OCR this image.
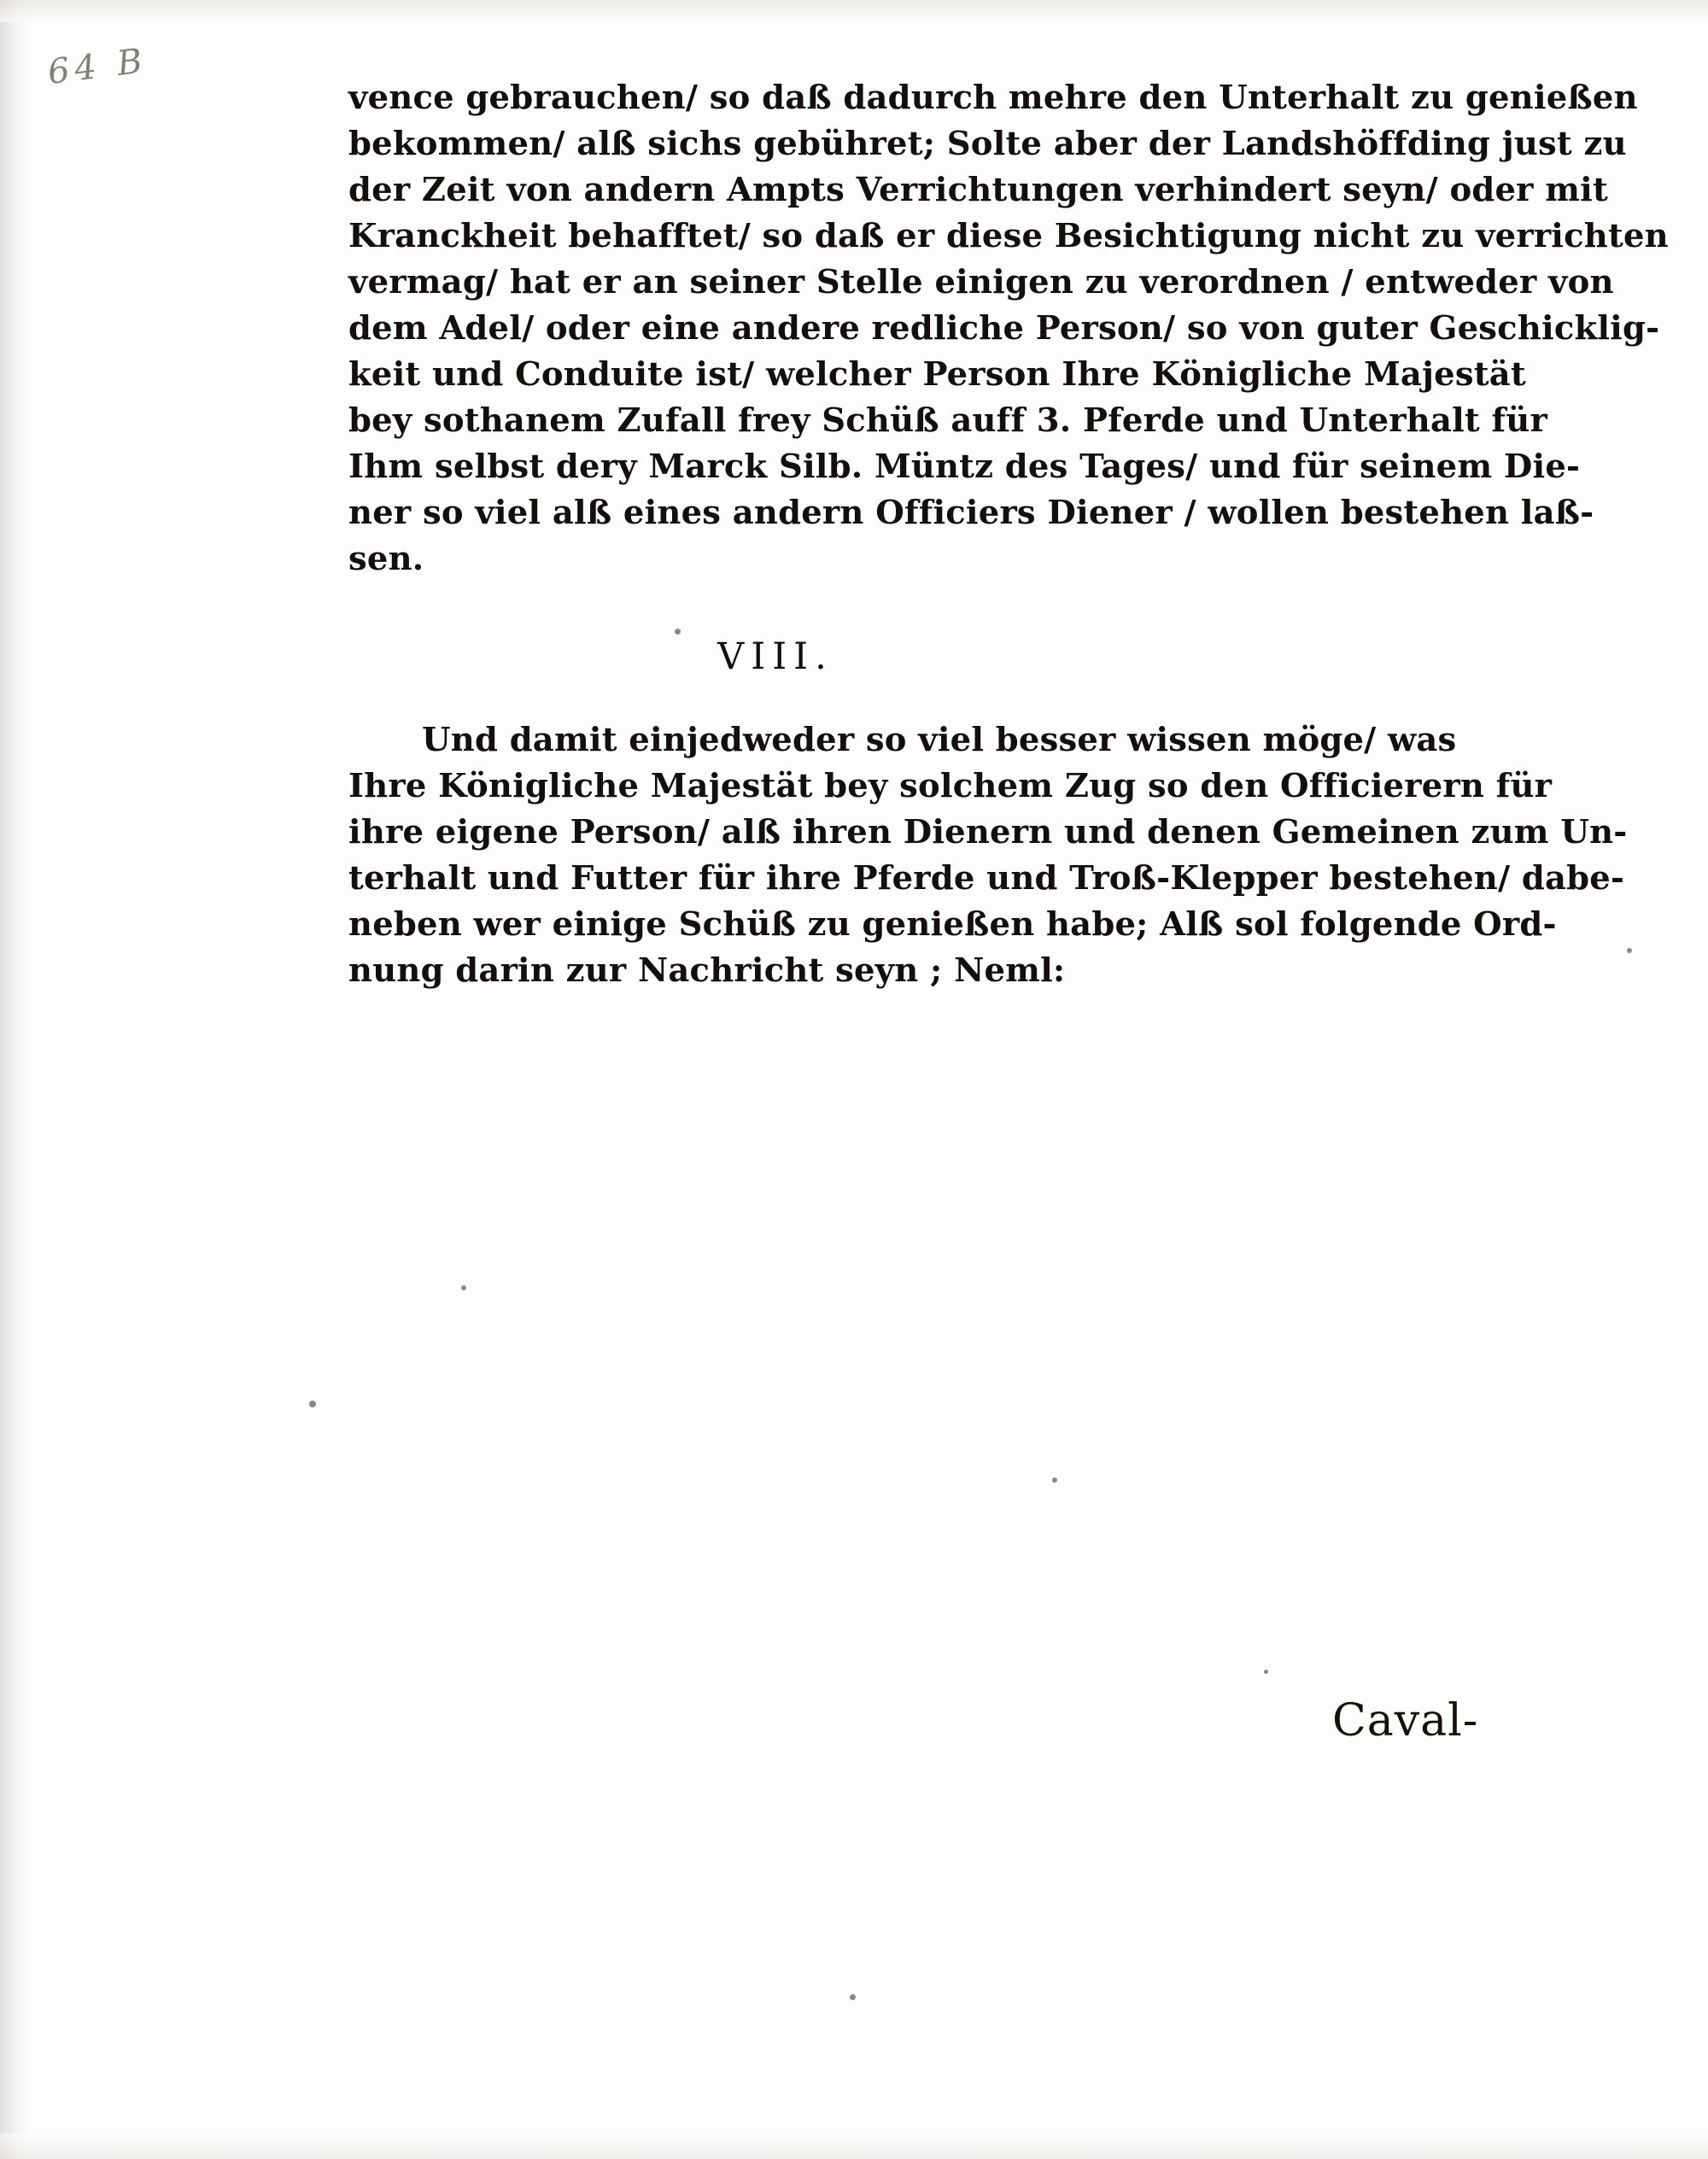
64 B
vence gebrauchen/ so daß dadurch mehre den Unterhalt zu genießen
bekommen/ alß sichs gebühret; Solte aber der Landshöffding just zu
der Zeit von andern Ampts Verrichtungen verhindert seyn/ oder mit
Kranckheit behafftet/ so daß er diese Besichtigung nicht zu verrichten
vermag/ hat er an seiner Stelle einigen zu verordnen / entweder von
dem Adel/ oder eine andere redliche Person/ so von guter Geschicklig-
keit und Conduite ist/ welcher Person Ihre Königliche Majestät
bey sothanem Zufall frey Schüß auff 3. Pferde und Unterhalt für
Ihm selbst dery Marck Silb. Müntz des Tages/ und für seinem Die-
ner so viel alß eines andern Officiers Diener / wollen bestehen laß-
sen.
VIII.
Und damit einjedweder so viel besser wissen möge/ was
Ihre Königliche Majestät bey solchem Zug so den Officierern für
ihre eigene Person/ alß ihren Dienern und denen Gemeinen zum Un-
terhalt und Futter für ihre Pferde und Troß-Klepper bestehen/ dabe-
neben wer einige Schüß zu genießen habe; Alß sol folgende Ord-
nung darin zur Nachricht seyn ; Neml:
Caval-
